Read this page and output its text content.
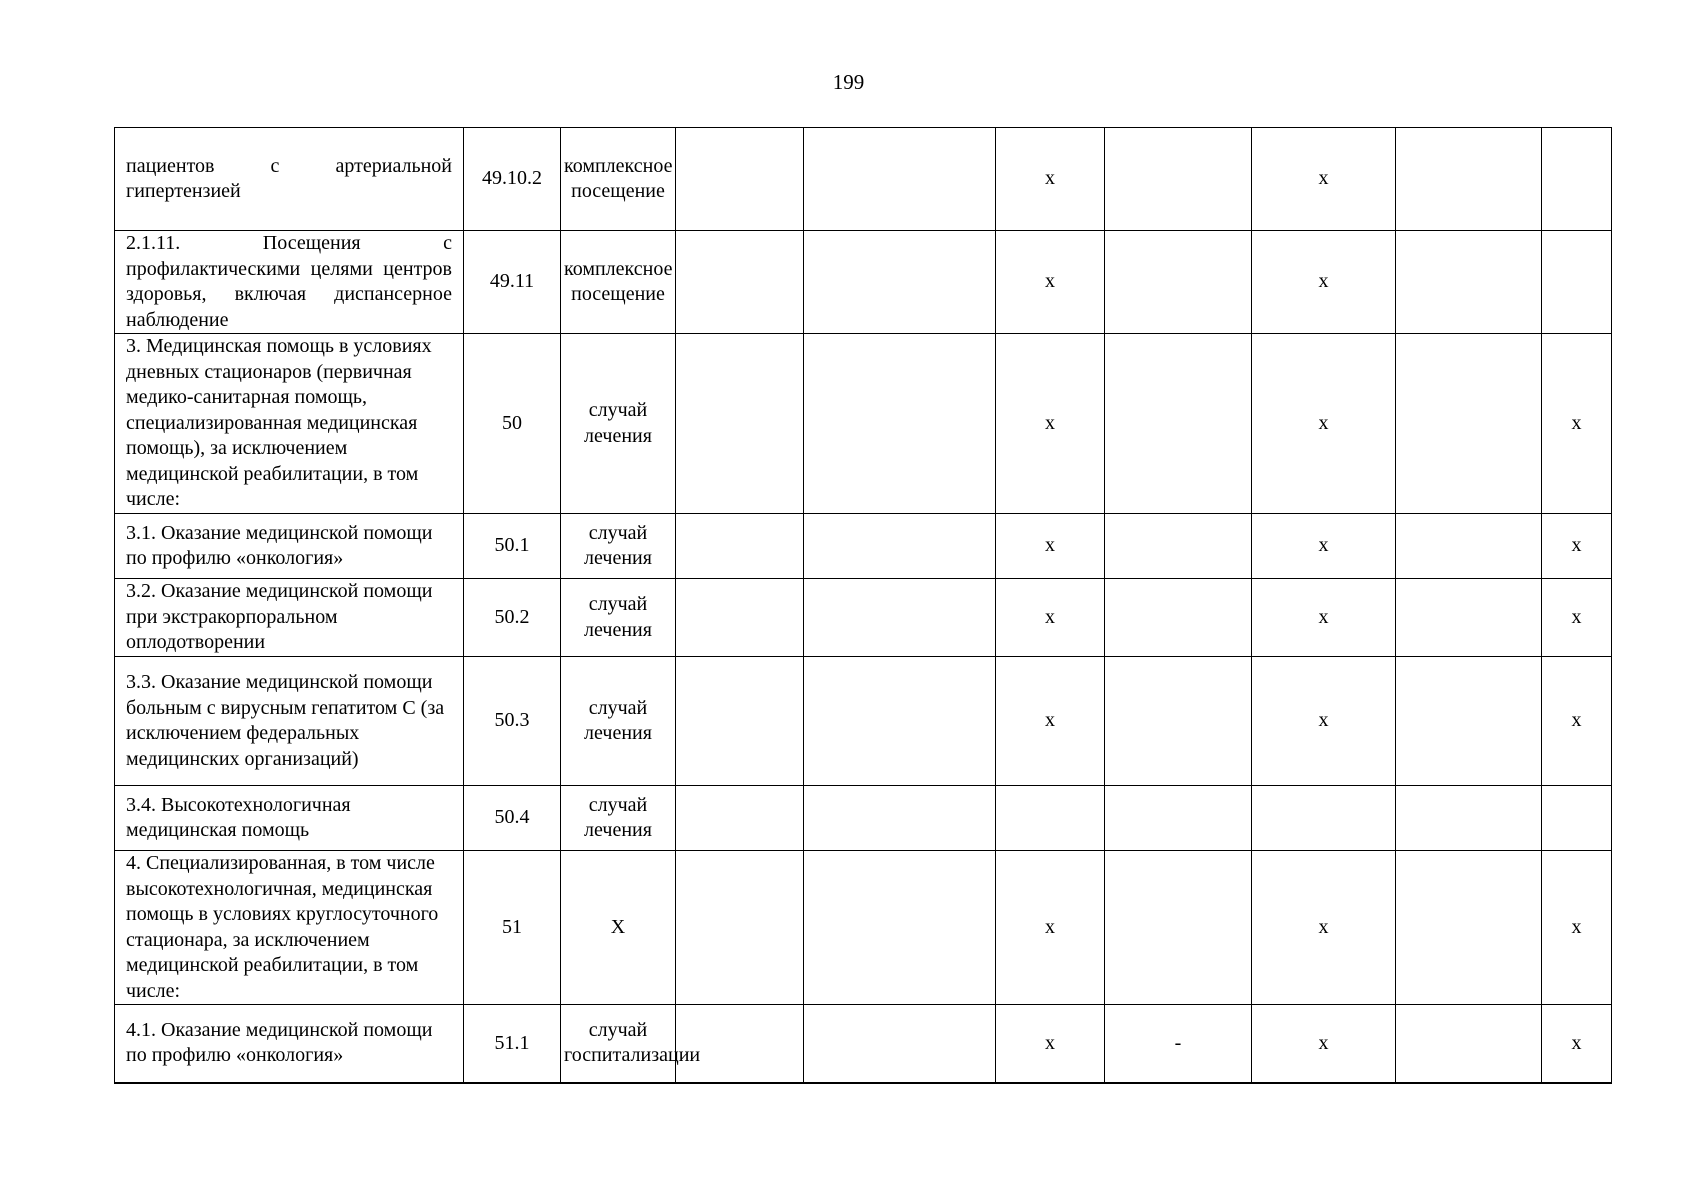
199
пациентов с артериальной гипертензией	49.10.2	комплексное посещение			х		х		
2.1.11. Посещения с профилактическими целями центров здоровья, включая диспансерное наблюдение	49.11	комплексное посещение			х		х		
3. Медицинская помощь в условиях дневных стационаров (первичная медико-санитарная помощь, специализированная медицинская помощь), за исключением медицинской реабилитации, в том числе:	50	случай лечения			х		х		х
3.1. Оказание медицинской помощи по профилю «онкология»	50.1	случай лечения			х		х		х
3.2. Оказание медицинской помощи при экстракорпоральном оплодотворении	50.2	случай лечения			х		х		х
3.3. Оказание медицинской помощи больным с вирусным гепатитом С (за исключением федеральных медицинских организаций)	50.3	случай лечения			х		х		х
3.4. Высокотехнологичная медицинская помощь	50.4	случай лечения							
4. Специализированная, в том числе высокотехнологичная, медицинская помощь в условиях круглосуточного стационара, за исключением медицинской реабилитации, в том числе:	51	Х			х		х		х
4.1. Оказание медицинской помощи по профилю «онкология»	51.1	случай госпитализации			х	-	х		х
